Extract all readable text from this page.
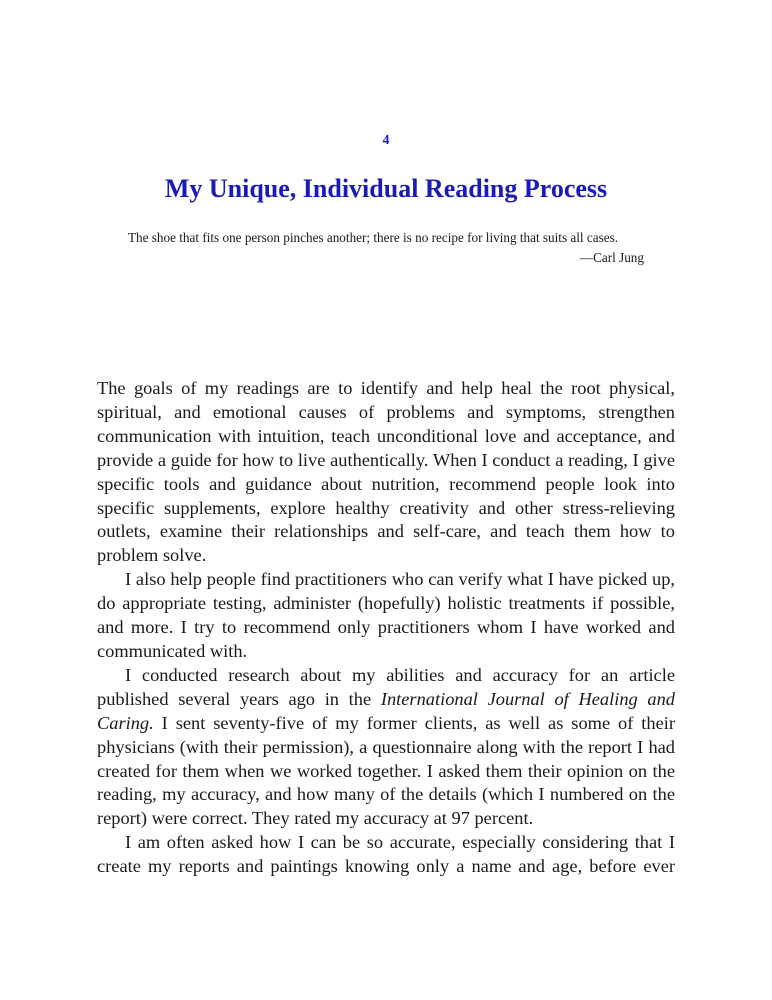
4
My Unique, Individual Reading Process

The shoe that fits one person pinches another; there is no recipe for living that suits all cases.

—Carl Jung

The goals of my readings are to identify and help heal the root physical, spiritual, and emotional causes of problems and symptoms, strengthen communication with intuition, teach unconditional love and acceptance, and provide a guide for how to live authentically. When I conduct a reading, I give specific tools and guidance about nutrition, recommend people look into specific supplements, explore healthy creativity and other stress-relieving outlets, examine their relationships and self-care, and teach them how to problem solve.

I also help people find practitioners who can verify what I have picked up, do appropriate testing, administer (hopefully) holistic treatments if possible, and more. I try to recommend only practitioners whom I have worked and communicated with.

I conducted research about my abilities and accuracy for an article published several years ago in the International Journal of Healing and Caring. I sent seventy-five of my former clients, as well as some of their physicians (with their permission), a questionnaire along with the report I had created for them when we worked together. I asked them their opinion on the reading, my accuracy, and how many of the details (which I numbered on the report) were correct. They rated my accuracy at 97 percent.

I am often asked how I can be so accurate, especially considering that I create my reports and paintings knowing only a name and age, before ever
